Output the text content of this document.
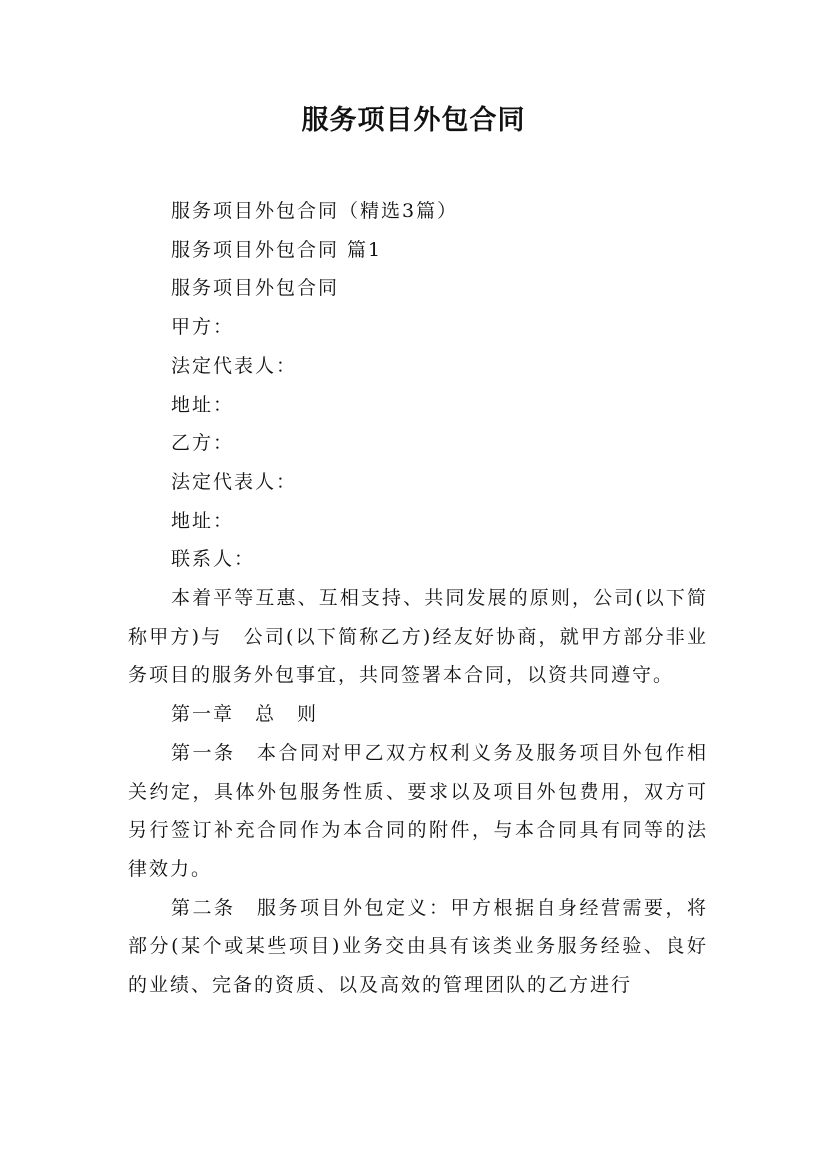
服务项目外包合同
服务项目外包合同（精选3篇）
服务项目外包合同 篇1
服务项目外包合同
甲方：
法定代表人：
地址：
乙方：
法定代表人：
地址：
联系人：
本着平等互惠、互相支持、共同发展的原则，公司(以下简称甲方)与　公司(以下简称乙方)经友好协商，就甲方部分非业务项目的服务外包事宜，共同签署本合同，以资共同遵守。
第一章　总　则
第一条　本合同对甲乙双方权利义务及服务项目外包作相关约定，具体外包服务性质、要求以及项目外包费用，双方可另行签订补充合同作为本合同的附件，与本合同具有同等的法律效力。
第二条　服务项目外包定义：甲方根据自身经营需要，将部分(某个或某些项目)业务交由具有该类业务服务经验、良好的业绩、完备的资质、以及高效的管理团队的乙方进行
